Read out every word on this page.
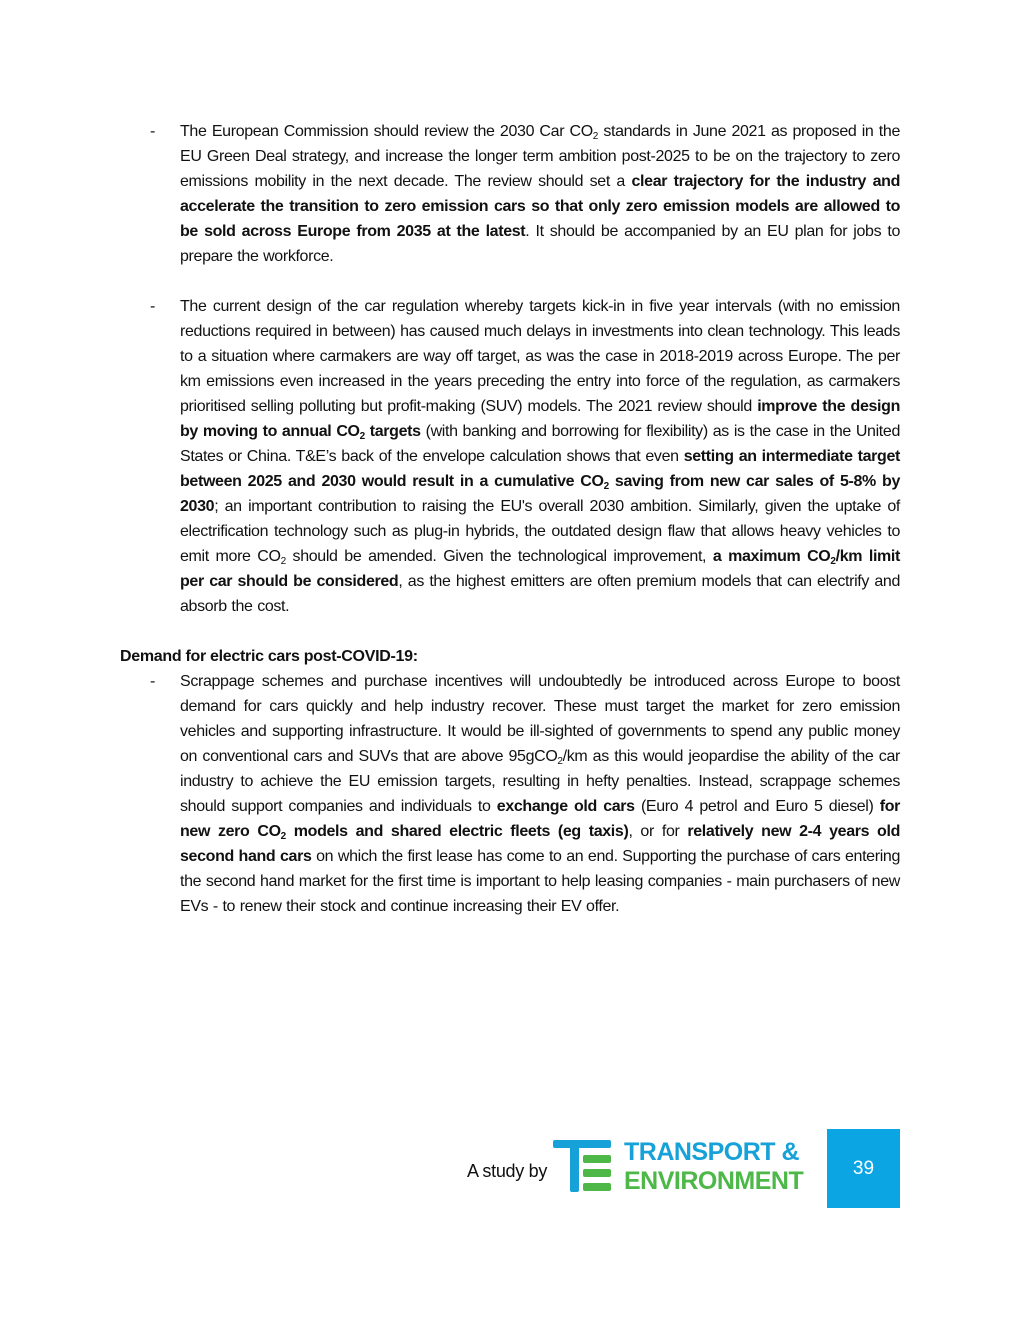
- The European Commission should review the 2030 Car $CO_2$ standards in June 2021 as proposed in the EU Green Deal strategy, and increase the longer term ambition post-2025 to be on the trajectory to zero emissions mobility in the next decade. The review should set a clear trajectory for the industry and accelerate the transition to zero emission cars so that only zero emission models are allowed to be sold across Europe from 2035 at the latest. It should be accompanied by an EU plan for jobs to prepare the workforce.
- The current design of the car regulation whereby targets kick-in in five year intervals (with no emission reductions required in between) has caused much delays in investments into clean technology. This leads to a situation where carmakers are way off target, as was the case in 2018-2019 across Europe. The per km emissions even increased in the years preceding the entry into force of the regulation, as carmakers prioritised selling polluting but profit-making (SUV) models. The 2021 review should improve the design by moving to annual $CO_2$ targets (with banking and borrowing for flexibility) as is the case in the United States or China. T&E’s back of the envelope calculation shows that even setting an intermediate target between 2025 and 2030 would result in a cumulative $CO_2$ saving from new car sales of 5-8% by 2030; an important contribution to raising the EU's overall 2030 ambition. Similarly, given the uptake of electrification technology such as plug-in hybrids, the outdated design flaw that allows heavy vehicles to emit more $CO_2$ should be amended. Given the technological improvement, a maximum $CO_2/km$ limit per car should be considered, as the highest emitters are often premium models that can electrify and absorb the cost.
Demand for electric cars post-COVID-19:
- Scrappage schemes and purchase incentives will undoubtedly be introduced across Europe to boost demand for cars quickly and help industry recover. These must target the market for zero emission vehicles and supporting infrastructure. It would be ill-sighted of governments to spend any public money on conventional cars and SUVs that are above 95gCO$_2$/km as this would jeopardise the ability of the car industry to achieve the EU emission targets, resulting in hefty penalties. Instead, scrappage schemes should support companies and individuals to exchange old cars (Euro 4 petrol and Euro 5 diesel) for new zero $CO_2$ models and shared electric fleets (eg taxis), or for relatively new 2-4 years old second hand cars on which the first lease has come to an end. Supporting the purchase of cars entering the second hand market for the first time is important to help leasing companies - main purchasers of new EVs - to renew their stock and continue increasing their EV offer.
A study by
TRANSPORT &
ENVIRONMENT	39
